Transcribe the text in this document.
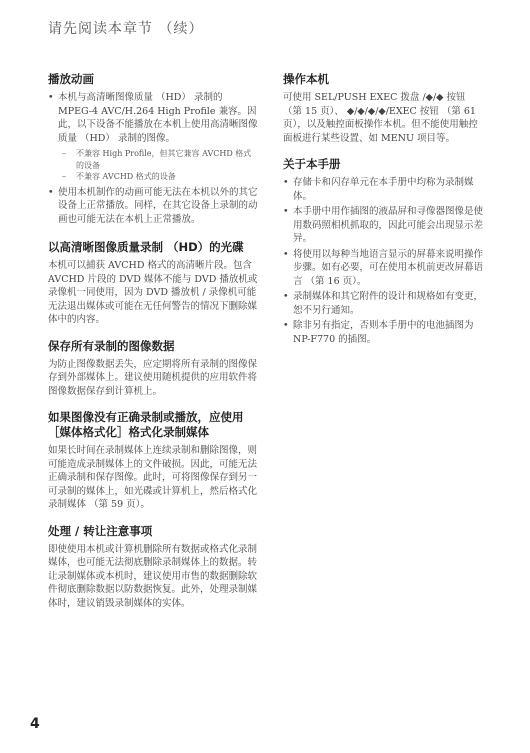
请先阅读本章节 （续）
播放动画
• 本机与高清晰图像质量 （HD） 录制的 MPEG-4 AVC/H.264 High Profile 兼容。因此，以下设备不能播放在本机上使用高清晰图像质量 （HD） 录制的图像。
– 不兼容 High Profile，但其它兼容 AVCHD 格式的设备
– 不兼容 AVCHD 格式的设备
• 使用本机制作的动画可能无法在本机以外的其它设备上正常播放。同样，在其它设备上录制的动画也可能无法在本机上正常播放。
以高清晰图像质量录制 （HD）的光碟

本机可以捕获 AVCHD 格式的高清晰片段。包含 AVCHD 片段的 DVD 媒体不能与 DVD 播放机或录像机一同使用，因为 DVD 播放机 / 录像机可能无法退出媒体或可能在无任何警告的情况下删除媒体中的内容。

保存所有录制的图像数据

为防止图像数据丢失，应定期将所有录制的图像保存到外部媒体上。建议使用随机提供的应用软件将图像数据保存到计算机上。

如果图像没有正确录制或播放，应使用 ［媒体格式化］格式化录制媒体

如果长时间在录制媒体上连续录制和删除图像，则可能造成录制媒体上的文件破损。因此，可能无法正确录制和保存图像。此时，可将图像保存到另一可录制的媒体上，如光碟或计算机上，然后格式化录制媒体 （第 59 页）。

处理 / 转让注意事项

即使使用本机或计算机删除所有数据或格式化录制媒体，也可能无法彻底删除录制媒体上的数据。转让录制媒体或本机时，建议使用市售的数据删除软件彻底删除数据以防数据恢复。此外，处理录制媒体时，建议销毁录制媒体的实体。

操作本机

可使用 SEL/PUSH EXEC 拨盘 /◆/◆ 按钮 （第 15 页）、 ◆/◆/◆/◆/EXEC 按钮 （第 61 页），以及触控面板操作本机。但不能使用触控面板进行某些设置、如 MENU 项目等。

关于本手册
• 存储卡和闪存单元在本手册中均称为录制媒体。
• 本手册中用作插图的液晶屏和寻像器图像是使用数码照相机抓取的，因此可能会出现显示差异。
• 将使用以每种当地语言显示的屏幕来说明操作步骤。如有必要，可在使用本机前更改屏幕语言 （第 16 页）。
• 录制媒体和其它附件的设计和规格如有变更，恕不另行通知。
• 除非另有指定，否则本手册中的电池插图为 NP-F770 的插图。
4
